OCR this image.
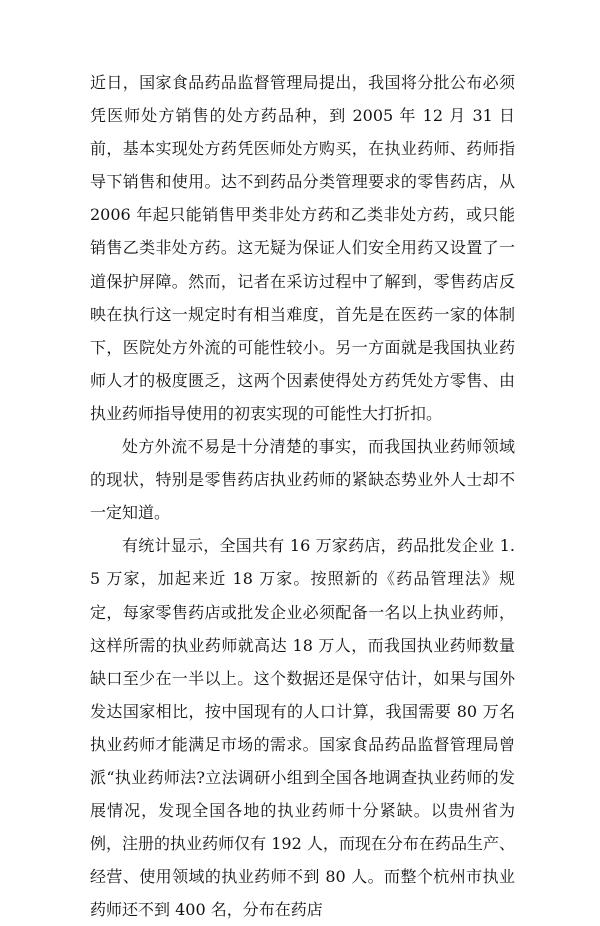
近日，国家食品药品监督管理局提出，我国将分批公布必须凭医师处方销售的处方药品种，到 2005 年 12 月 31 日前，基本实现处方药凭医师处方购买，在执业药师、药师指导下销售和使用。达不到药品分类管理要求的零售药店，从 2006 年起只能销售甲类非处方药和乙类非处方药，或只能销售乙类非处方药。这无疑为保证人们安全用药又设置了一道保护屏障。然而，记者在采访过程中了解到，零售药店反映在执行这一规定时有相当难度，首先是在医药一家的体制下，医院处方外流的可能性较小。另一方面就是我国执业药师人才的极度匮乏，这两个因素使得处方药凭处方零售、由执业药师指导使用的初衷实现的可能性大打折扣。

处方外流不易是十分清楚的事实，而我国执业药师领域的现状，特别是零售药店执业药师的紧缺态势业外人士却不一定知道。

有统计显示，全国共有 16 万家药店，药品批发企业 1.5 万家，加起来近 18 万家。按照新的《药品管理法》规定，每家零售药店或批发企业必须配备一名以上执业药师，这样所需的执业药师就高达 18 万人，而我国执业药师数量缺口至少在一半以上。这个数据还是保守估计，如果与国外发达国家相比，按中国现有的人口计算，我国需要 80 万名执业药师才能满足市场的需求。国家食品药品监督管理局曾派“执业药师法?立法调研小组到全国各地调查执业药师的发展情况，发现全国各地的执业药师十分紧缺。以贵州省为例，注册的执业药师仅有 192 人，而现在分布在药品生产、经营、使用领域的执业药师不到 80 人。而整个杭州市执业药师还不到 400 名，分布在药店
